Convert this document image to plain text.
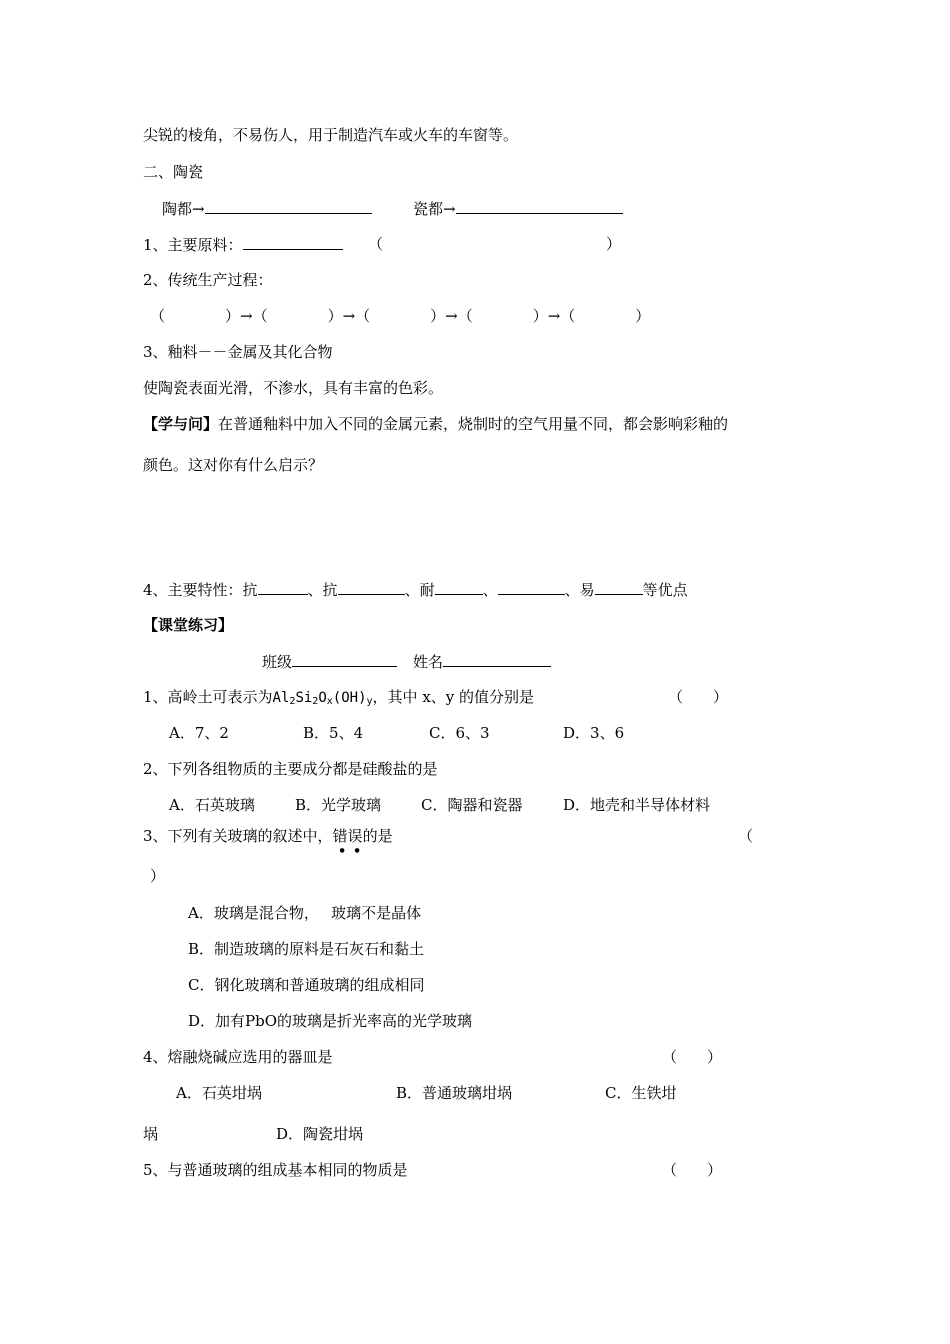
尖锐的棱角，不易伤人，用于制造汽车或火车的车窗等。
二、陶瓷
陶都→	瓷都→
1、主要原料：	（	）
2、传统生产过程：
（　　　　）→（　　　　）→（　　　　）→（　　　　）→（　　　　）
3、釉料－－金属及其化合物
使陶瓷表面光滑，不渗水，具有丰富的色彩。
【学与问】在普通釉料中加入不同的金属元素，烧制时的空气用量不同，都会影响彩釉的
颜色。这对你有什么启示？
4、主要特性：抗	、抗	、耐	、	、易	等优点
【课堂练习】
班级	姓名
1、高岭土可表示为$Al_2Si_2O_x(OH)_y$，其中 x、y 的值分别是	（　　）
A．7、2	B．5、4	C．6、3	D．3、6
2、下列各组物质的主要成分都是硅酸盐的是
A．石英玻璃	B．光学玻璃	C．陶器和瓷器	D．地壳和半导体材料
3、下列有关玻璃的叙述中，错误
● ●
的是	（
）
A．玻璃是混合物，　 玻璃不是晶体
B．制造玻璃的原料是石灰石和黏土
C．钢化玻璃和普通玻璃的组成相同
D．加有PbO的玻璃是折光率高的光学玻璃
4、熔融烧碱应选用的器皿是	（　　）
A．石英坩埚	B．普通玻璃坩埚	C．生铁坩
埚	D．陶瓷坩埚
5、与普通玻璃的组成基本相同的物质是	（　　）
